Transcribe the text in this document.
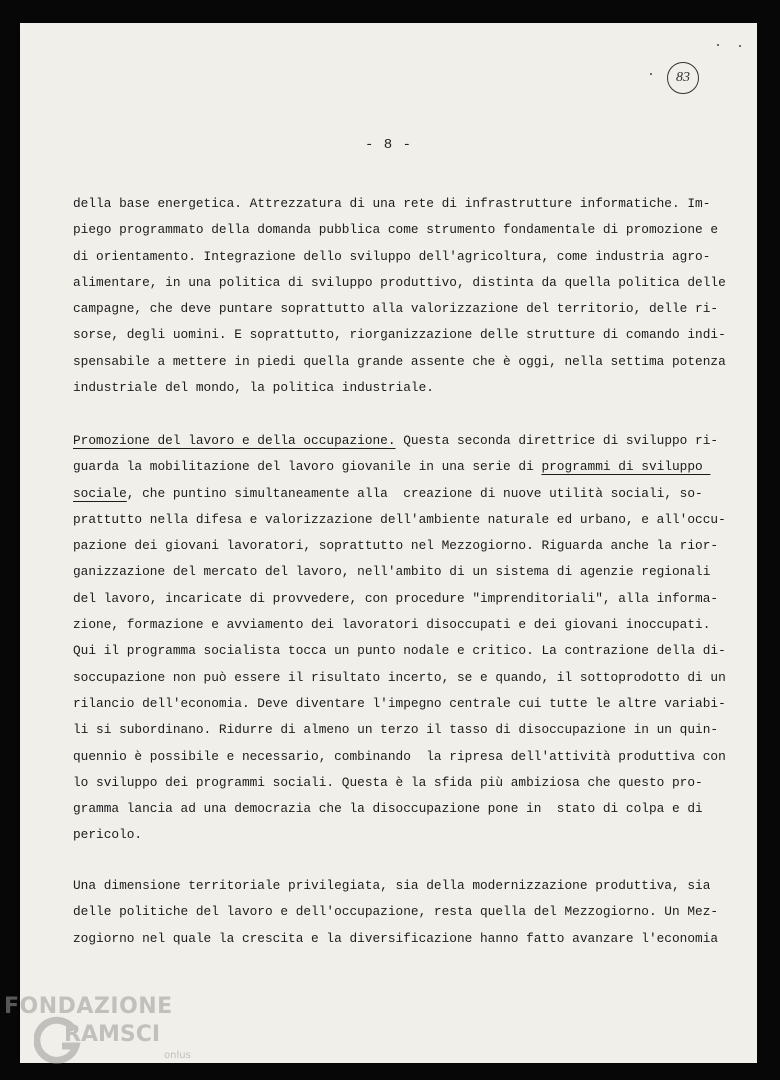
83
- 8 -
della base energetica. Attrezzatura di una rete di infrastrutture informatiche. Im-
piego programmato della domanda pubblica come strumento fondamentale di promozione e
di orientamento. Integrazione dello sviluppo dell'agricoltura, come industria agro-
alimentare, in una politica di sviluppo produttivo, distinta da quella politica delle
campagne, che deve puntare soprattutto alla valorizzazione del territorio, delle ri-
sorse, degli uomini. E soprattutto, riorganizzazione delle strutture di comando indi-
spensabile a mettere in piedi quella grande assente che è oggi, nella settima potenza
industriale del mondo, la politica industriale.
Promozione del lavoro e della occupazione. Questa seconda direttrice di sviluppo ri-
guarda la mobilitazione del lavoro giovanile in una serie di programmi di sviluppo
sociale, che puntino simultaneamente alla  creazione di nuove utilità sociali, so-
prattutto nella difesa e valorizzazione dell'ambiente naturale ed urbano, e all'occu-
pazione dei giovani lavoratori, soprattutto nel Mezzogiorno. Riguarda anche la rior-
ganizzazione del mercato del lavoro, nell'ambito di un sistema di agenzie regionali
del lavoro, incaricate di provvedere, con procedure "imprenditoriali", alla informa-
zione, formazione e avviamento dei lavoratori disoccupati e dei giovani inoccupati.
Qui il programma socialista tocca un punto nodale e critico. La contrazione della di-
soccupazione non può essere il risultato incerto, se e quando, il sottoprodotto di un
rilancio dell'economia. Deve diventare l'impegno centrale cui tutte le altre variabi-
li si subordinano. Ridurre di almeno un terzo il tasso di disoccupazione in un quin-
quennio è possibile e necessario, combinando  la ripresa dell'attività produttiva con
lo sviluppo dei programmi sociali. Questa è la sfida più ambiziosa che questo pro-
gramma lancia ad una democrazia che la disoccupazione pone in  stato di colpa e di
pericolo.
Una dimensione territoriale privilegiata, sia della modernizzazione produttiva, sia
delle politiche del lavoro e dell'occupazione, resta quella del Mezzogiorno. Un Mez-
zogiorno nel quale la crescita e la diversificazione hanno fatto avanzare l'economia
FONDAZIONE
RAMSCI
onlus
